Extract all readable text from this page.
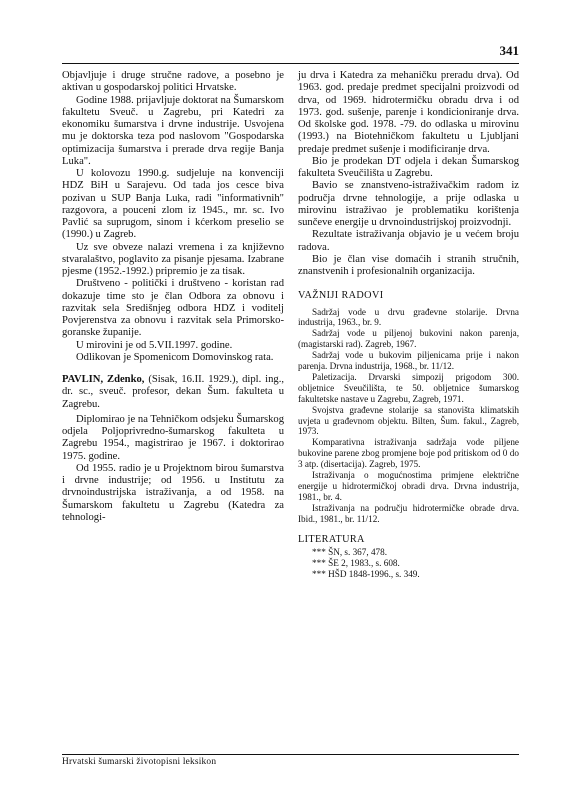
341

Objavljuje i druge stručne radove, a posebno je aktivan u gospodarskoj politici Hrvatske.

Godine 1988. prijavljuje doktorat na Šumarskom fakultetu Sveuč. u Zagrebu, pri Katedri za ekonomiku šumarstva i drvne industrije. Usvojena mu je doktorska teza pod naslovom "Gospodarska optimizacija šumarstva i prerade drva regije Banja Luka".

U kolovozu 1990.g. sudjeluje na konvenciji HDZ BiH u Sarajevu. Od tada jos cesce biva pozivan u SUP Banja Luka, radi "informativnih" razgovora, a pouceni zlom iz 1945., mr. sc. Ivo Pavlić sa suprugom, sinom i kćerkom preselio se (1990.) u Zagreb.

Uz sve obveze nalazi vremena i za književno stvaralaštvo, poglavito za pisanje pjesama. Izabrane pjesme (1952.-1992.) pripremio je za tisak.

Društveno - politički i društveno - koristan rad dokazuje time sto je član Odbora za obnovu i razvitak sela Središnjeg odbora HDZ i voditelj Povjerenstva za obnovu i razvitak sela Primorsko-goranske županije.

U mirovini je od 5.VII.1997. godine.

Odlikovan je Spomenicom Domovinskog rata.

PAVLIN, Zdenko, (Sisak, 16.II. 1929.), dipl. ing., dr. sc., sveuč. profesor, dekan Šum. fakulteta u Zagrebu.

Diplomirao je na Tehničkom odsjeku Šumarskog odjela Poljoprivredno-šumarskog fakulteta u Zagrebu 1954., magistrirao je 1967. i doktorirao 1975. godine.

Od 1955. radio je u Projektnom birou šumarstva i drvne industrije; od 1956. u Institutu za drvnoindustrijska istraživanja, a od 1958. na Šumarskom fakultetu u Zagrebu (Katedra za tehnologi-

ju drva i Katedra za mehaničku preradu drva). Od 1963. god. predaje predmet specijalni proizvodi od drva, od 1969. hidrotermičku obradu drva i od 1973. god. sušenje, parenje i kondicioniranje drva. Od školske god. 1978. -79. do odlaska u mirovinu (1993.) na Biotehničkom fakultetu u Ljubljani predaje predmet sušenje i modificiranje drva.

Bio je prodekan DT odjela i dekan Šumarskog fakulteta Sveučilišta u Zagrebu.

Bavio se znanstveno-istraživačkim radom iz područja drvne tehnologije, a prije odlaska u mirovinu istraživao je problematiku korištenja sunčeve energije u drvnoindustrijskoj proizvodnji.

Rezultate istraživanja objavio je u većem broju radova.

Bio je član vise domaćih i stranih stručnih, znanstvenih i profesionalnih organizacija.

VAŽNIJI RADOVI

Sadržaj vode u drvu građevne stolarije. Drvna industrija, 1963., br. 9.

Sadržaj vode u piljenoj bukovini nakon parenja, (magistarski rad). Zagreb, 1967.

Sadržaj vode u bukovim piljenicama prije i nakon parenja. Drvna industrija, 1968., br. 11/12.

Paletizacija. Drvarski simpozij prigodom 300. obljetnice Sveučilišta, te 50. obljetnice šumarskog fakultetske nastave u Zagrebu, Zagreb, 1971.

Svojstva građevne stolarije sa stanovišta klimatskih uvjeta u građevnom objektu. Bilten, Šum. fakul., Zagreb, 1973.

Komparativna istraživanja sadržaja vode piljene bukovine parene zbog promjene boje pod pritiskom od 0 do 3 atp. (disertacija). Zagreb, 1975.

Istraživanja o mogućnostima primjene električne energije u hidrotermičkoj obradi drva. Drvna industrija, 1981., br. 4.

Istraživanja na području hidrotermičke obrade drva. Ibid., 1981., br. 11/12.

LITERATURA

*** ŠN, s. 367, 478.

*** ŠE 2, 1983., s. 608.

*** HŠD 1848-1996., s. 349.

Hrvatski šumarski životopisni leksikon
